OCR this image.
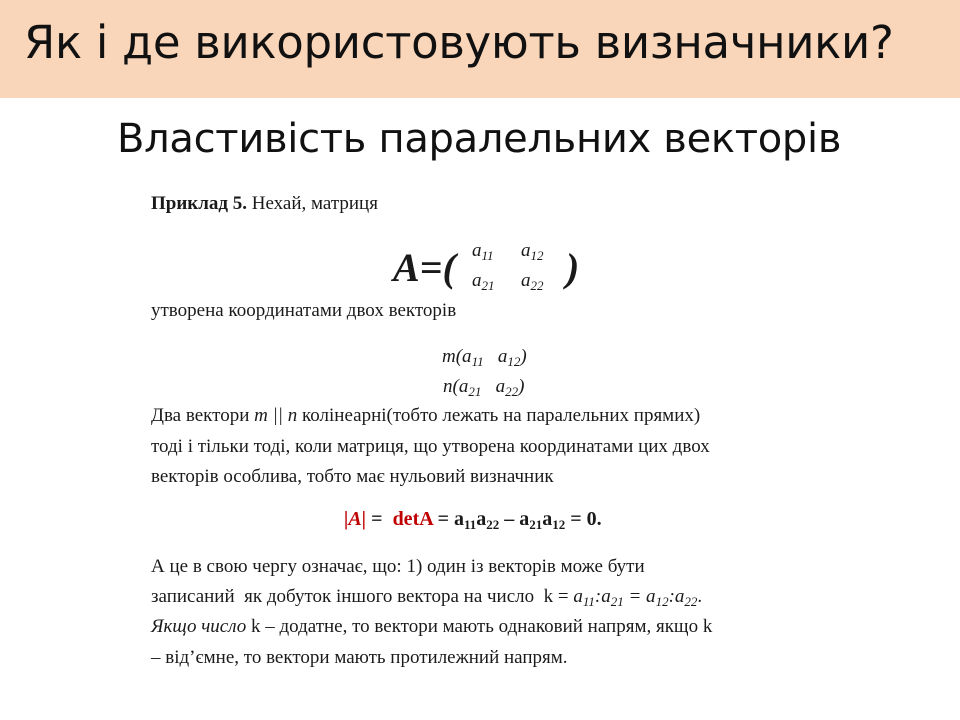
Як і де використовують визначники?
Властивість паралельних векторів
Приклад 5. Нехай, матриця
A=( $a_{11}$ $a_{12}$
$a_{21}$ $a_{22}$ )
утворена координатами двох векторів
$m(a_{11}$   $a_{12}$)
$n(a_{21}$   $a_{22}$)
Два вектори m || n колінеарні(тобто лежать на паралельних прямих)
тоді і тільки тоді, коли матриця, що утворена координатами цих двох
векторів особлива, тобто має нульовий визначник
$|A| = \det A = a_{11}a_{22} - a_{21}a_{12} = 0$.
А це в свою чергу означає, що: 1) один із векторів може бути
записаний  як добуток іншого вектора на число  $k = a_{11}:a_{21}$ = $a_{12}:a_{22}$.
Якщо число k – додатне, то вектори мають однаковий напрям, якщо k
– від’ємне, то вектори мають протилежний напрям.
